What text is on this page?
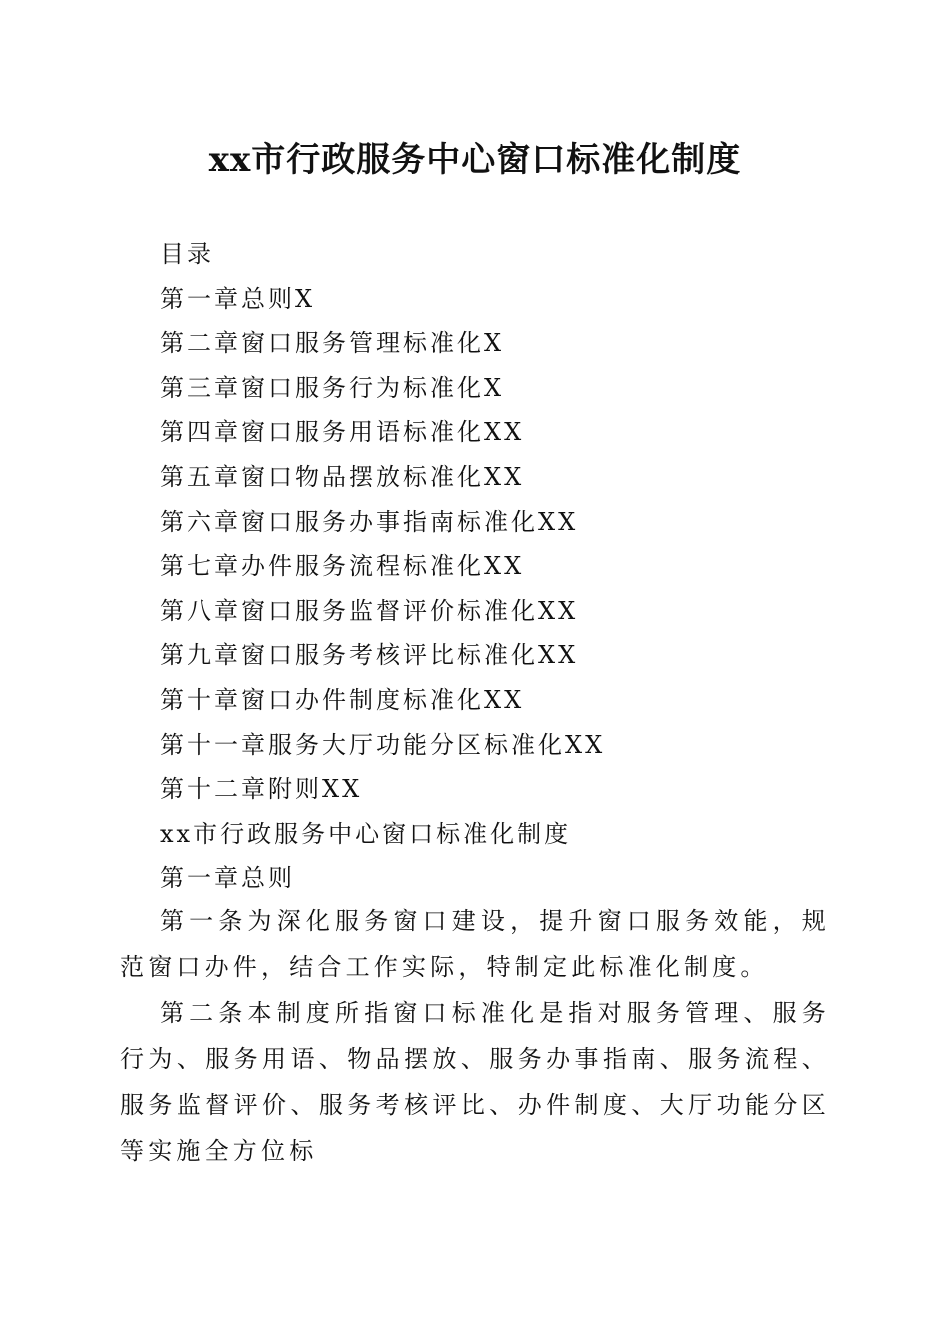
xx市行政服务中心窗口标准化制度
目录
第一章总则X
第二章窗口服务管理标准化X
第三章窗口服务行为标准化X
第四章窗口服务用语标准化XX
第五章窗口物品摆放标准化XX
第六章窗口服务办事指南标准化XX
第七章办件服务流程标准化XX
第八章窗口服务监督评价标准化XX
第九章窗口服务考核评比标准化XX
第十章窗口办件制度标准化XX
第十一章服务大厅功能分区标准化XX
第十二章附则XX
xx市行政服务中心窗口标准化制度
第一章总则

第一条为深化服务窗口建设，提升窗口服务效能，规范窗口办件，结合工作实际，特制定此标准化制度。

第二条本制度所指窗口标准化是指对服务管理、服务行为、服务用语、物品摆放、服务办事指南、服务流程、服务监督评价、服务考核评比、办件制度、大厅功能分区等实施全方位标
